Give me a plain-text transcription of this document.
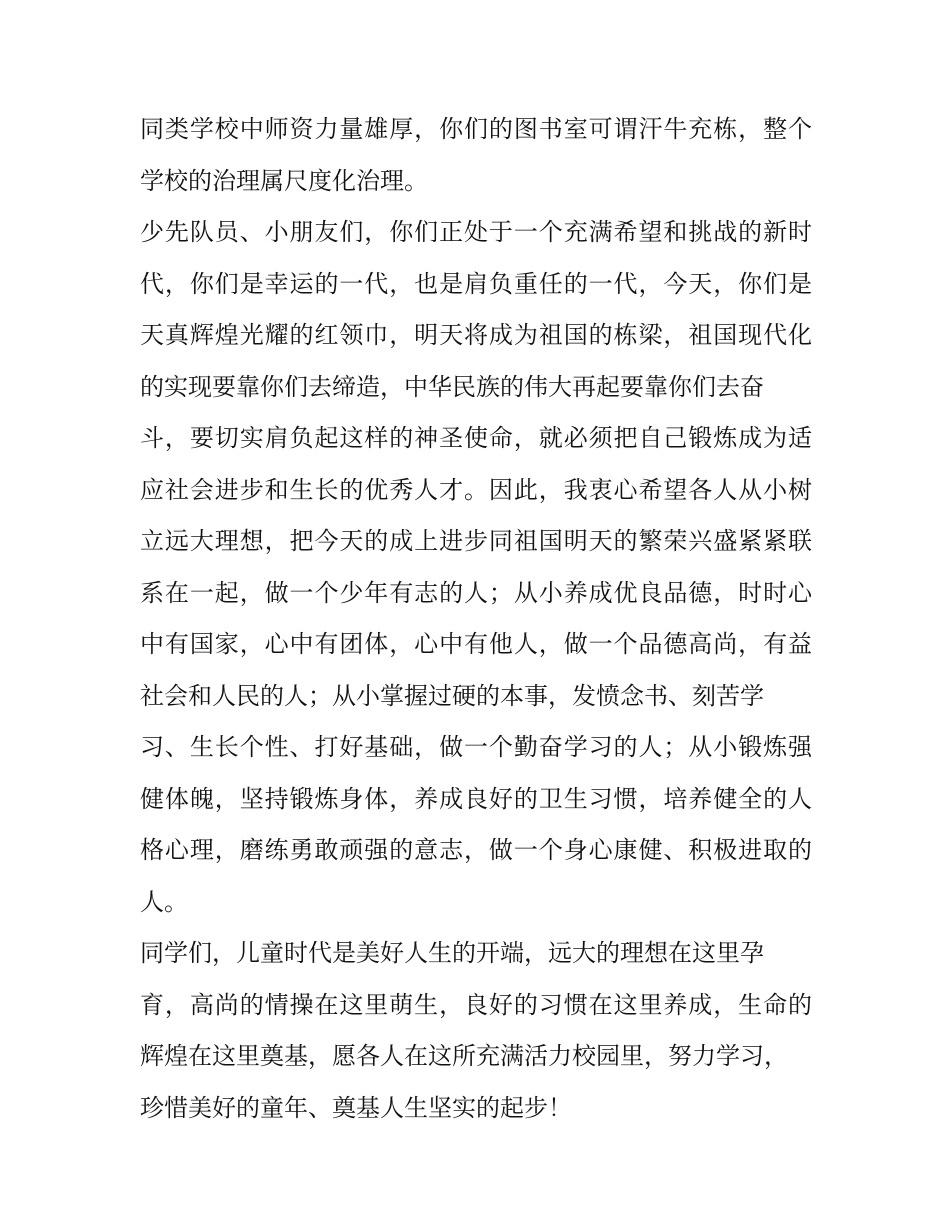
同类学校中师资力量雄厚，你们的图书室可谓汗牛充栋，整个
学校的治理属尺度化治理。
少先队员、小朋友们，你们正处于一个充满希望和挑战的新时
代，你们是幸运的一代，也是肩负重任的一代，今天，你们是
天真辉煌光耀的红领巾，明天将成为祖国的栋梁，祖国现代化
的实现要靠你们去缔造，中华民族的伟大再起要靠你们去奋
斗，要切实肩负起这样的神圣使命，就必须把自己锻炼成为适
应社会进步和生长的优秀人才。因此，我衷心希望各人从小树
立远大理想，把今天的成上进步同祖国明天的繁荣兴盛紧紧联
系在一起，做一个少年有志的人；从小养成优良品德，时时心
中有国家，心中有团体，心中有他人，做一个品德高尚，有益
社会和人民的人；从小掌握过硬的本事，发愤念书、刻苦学
习、生长个性、打好基础，做一个勤奋学习的人；从小锻炼强
健体魄，坚持锻炼身体，养成良好的卫生习惯，培养健全的人
格心理，磨练勇敢顽强的意志，做一个身心康健、积极进取的
人。
同学们，儿童时代是美好人生的开端，远大的理想在这里孕
育，高尚的情操在这里萌生，良好的习惯在这里养成，生命的
辉煌在这里奠基，愿各人在这所充满活力校园里，努力学习，
珍惜美好的童年、奠基人生坚实的起步！
